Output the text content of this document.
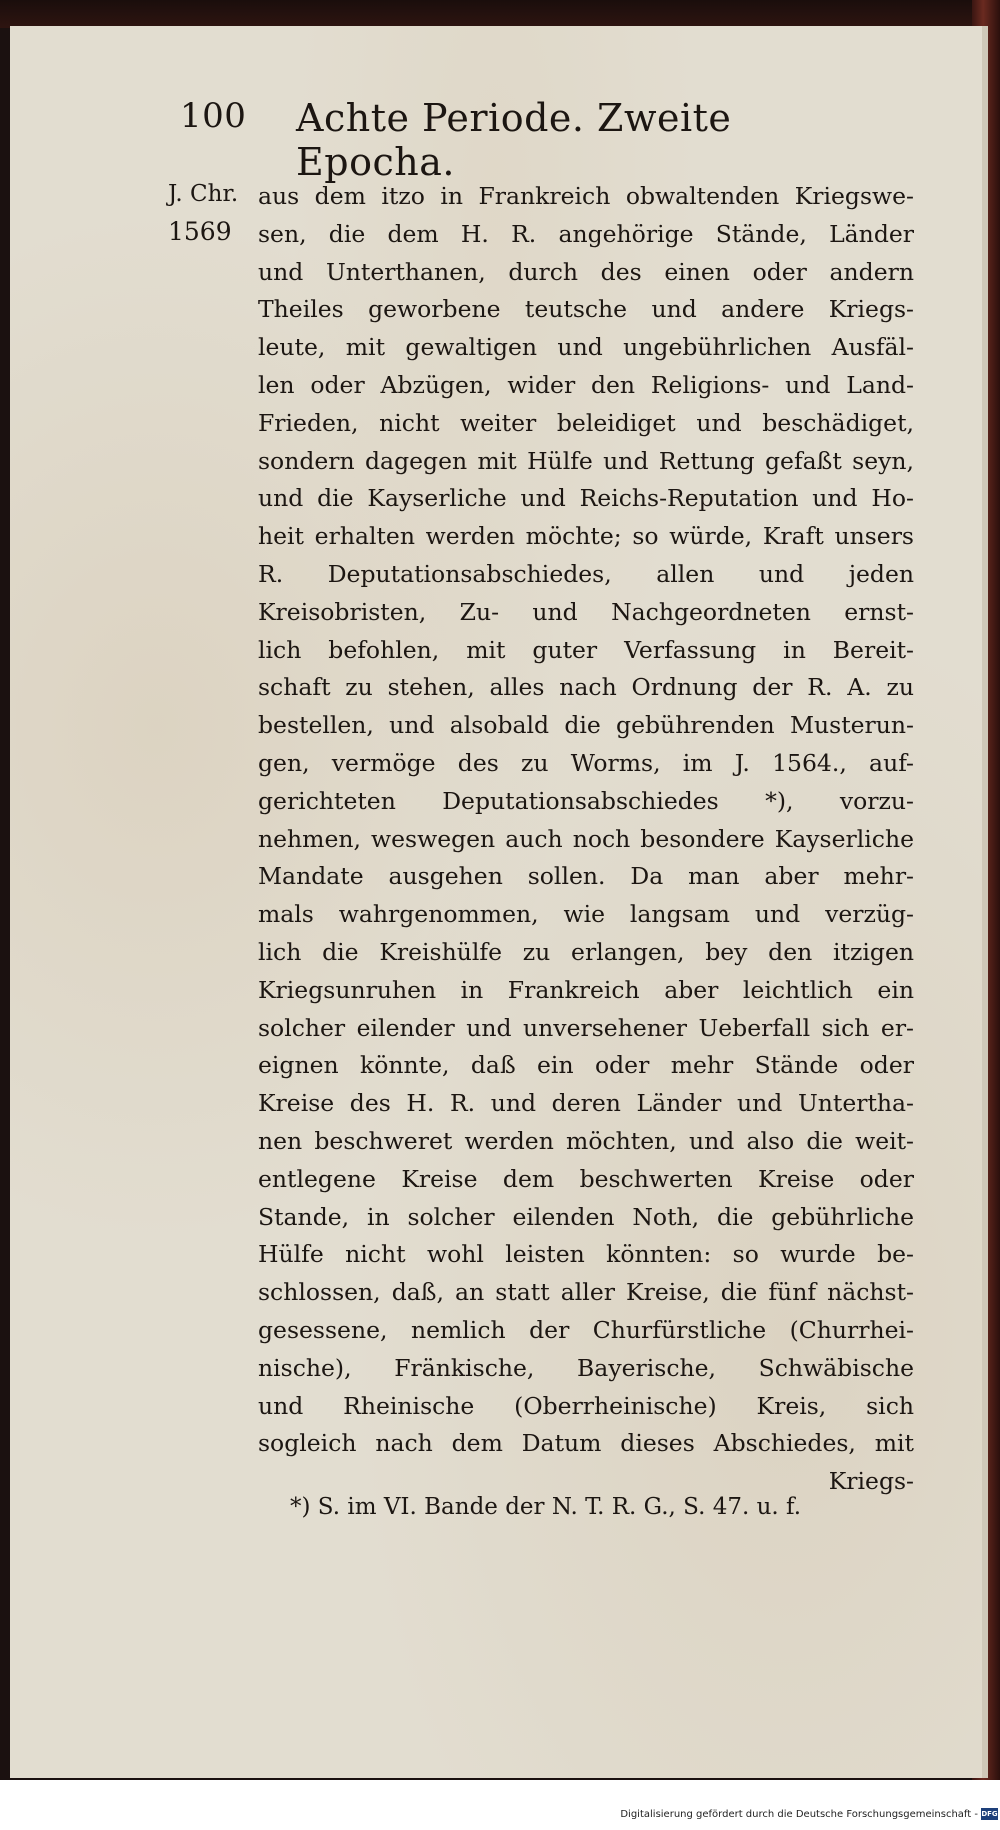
100 Achte Periode. Zweite Epocha.
J. Chr.
1569
aus dem itzo in Frankreich obwaltenden Kriegswe-
sen, die dem H. R. angehörige Stände, Länder
und Unterthanen, durch des einen oder andern
Theiles geworbene teutsche und andere Kriegs-
leute, mit gewaltigen und ungebührlichen Ausfäl-
len oder Abzügen, wider den Religions- und Land-
Frieden, nicht weiter beleidiget und beschädiget,
sondern dagegen mit Hülfe und Rettung gefaßt seyn,
und die Kayserliche und Reichs-Reputation und Ho-
heit erhalten werden möchte; so würde, Kraft unsers
R. Deputationsabschiedes, allen und jeden
Kreisobristen, Zu- und Nachgeordneten ernst-
lich befohlen, mit guter Verfassung in Bereit-
schaft zu stehen, alles nach Ordnung der R. A. zu
bestellen, und alsobald die gebührenden Musterun-
gen, vermöge des zu Worms, im J. 1564., auf-
gerichteten Deputationsabschiedes *), vorzu-
nehmen, weswegen auch noch besondere Kayserliche
Mandate ausgehen sollen. Da man aber mehr-
mals wahrgenommen, wie langsam und verzüg-
lich die Kreishülfe zu erlangen, bey den itzigen
Kriegsunruhen in Frankreich aber leichtlich ein
solcher eilender und unversehener Ueberfall sich er-
eignen könnte, daß ein oder mehr Stände oder
Kreise des H. R. und deren Länder und Untertha-
nen beschweret werden möchten, und also die weit-
entlegene Kreise dem beschwerten Kreise oder
Stande, in solcher eilenden Noth, die gebührliche
Hülfe nicht wohl leisten könnten: so wurde be-
schlossen, daß, an statt aller Kreise, die fünf nächst-
gesessene, nemlich der Churfürstliche (Churrhei-
nische), Fränkische, Bayerische, Schwäbische
und Rheinische (Oberrheinische) Kreis, sich
sogleich nach dem Datum dieses Abschiedes, mit
Kriegs-
*) S. im VI. Bande der N. T. R. G., S. 47. u. f.
Digitalisierung gefördert durch die Deutsche Forschungsgemeinschaft - DFG
